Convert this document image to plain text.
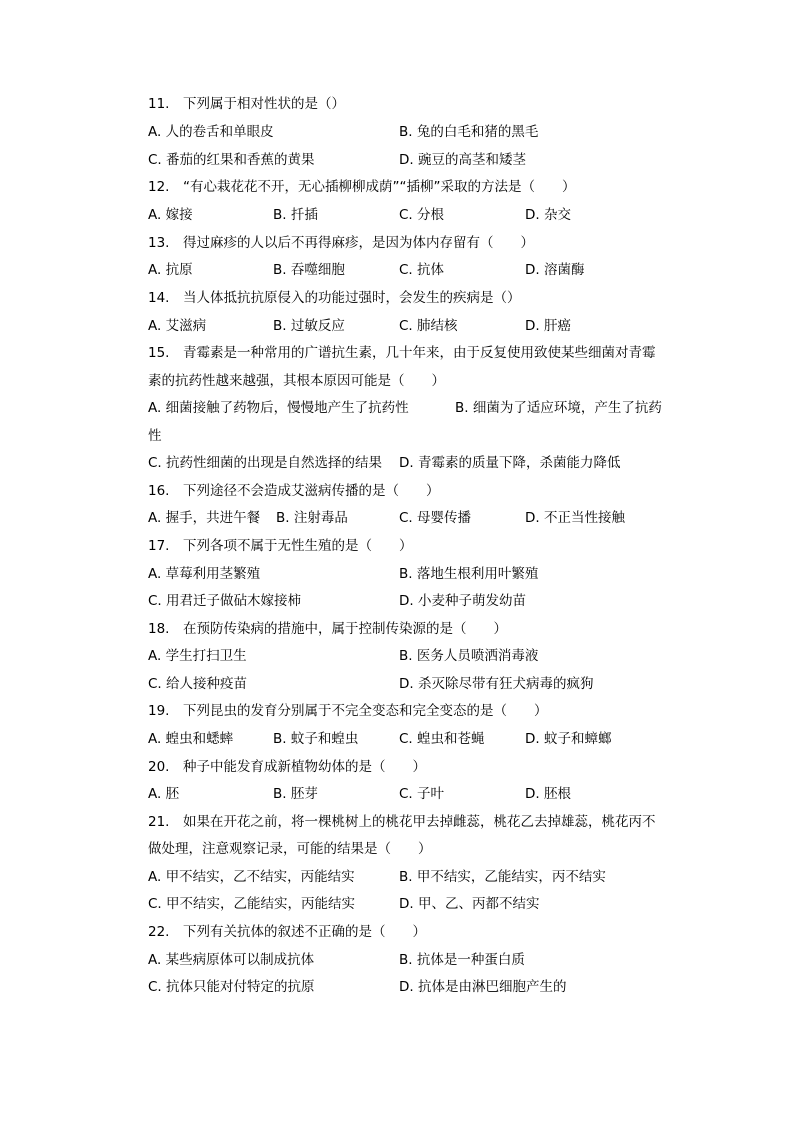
11.　下列属于相对性状的是（）
A. 人的卷舌和单眼皮	B. 兔的白毛和猪的黑毛
C. 番茄的红果和香蕉的黄果	D. 豌豆的高茎和矮茎
12.　“有心栽花花不开，无心插柳柳成荫”“插柳”采取的方法是（　　）
A. 嫁接	B. 扦插	C. 分根	D. 杂交
13.　得过麻疹的人以后不再得麻疹，是因为体内存留有（　　）
A. 抗原	B. 吞噬细胞	C. 抗体	D. 溶菌酶
14.　当人体抵抗抗原侵入的功能过强时，会发生的疾病是（）
A. 艾滋病	B. 过敏反应	C. 肺结核	D. 肝癌
15.　青霉素是一种常用的广谱抗生素，几十年来，由于反复使用致使某些细菌对青霉
素的抗药性越来越强，其根本原因可能是（　　）
A. 细菌接触了药物后，慢慢地产生了抗药性	B. 细菌为了适应环境，产生了抗药
性
C. 抗药性细菌的出现是自然选择的结果 D. 青霉素的质量下降，杀菌能力降低
16.　下列途径不会造成艾滋病传播的是（　　）
A. 握手，共进午餐 B. 注射毒品	C. 母婴传播	D. 不正当性接触
17.　下列各项不属于无性生殖的是（　　）
A. 草莓利用茎繁殖	B. 落地生根利用叶繁殖
C. 用君迁子做砧木嫁接柿	D. 小麦种子萌发幼苗
18.　在预防传染病的措施中，属于控制传染源的是（　　）
A. 学生打扫卫生	B. 医务人员喷洒消毒液
C. 给人接种疫苗	D. 杀灭除尽带有狂犬病毒的疯狗
19.　下列昆虫的发育分别属于不完全变态和完全变态的是（　　）
A. 蝗虫和蟋蟀	B. 蚊子和蝗虫	C. 蝗虫和苍蝇	D. 蚊子和蟑螂
20.　种子中能发育成新植物幼体的是（　　）
A. 胚	B. 胚芽	C. 子叶	D. 胚根
21.　如果在开花之前，将一棵桃树上的桃花甲去掉雌蕊，桃花乙去掉雄蕊，桃花丙不
做处理，注意观察记录，可能的结果是（　　）
A. 甲不结实，乙不结实，丙能结实	B. 甲不结实，乙能结实，丙不结实
C. 甲不结实，乙能结实，丙能结实	D. 甲、乙、丙都不结实
22.　下列有关抗体的叙述不正确的是（　　）
A. 某些病原体可以制成抗体	B. 抗体是一种蛋白质
C. 抗体只能对付特定的抗原	D. 抗体是由淋巴细胞产生的
